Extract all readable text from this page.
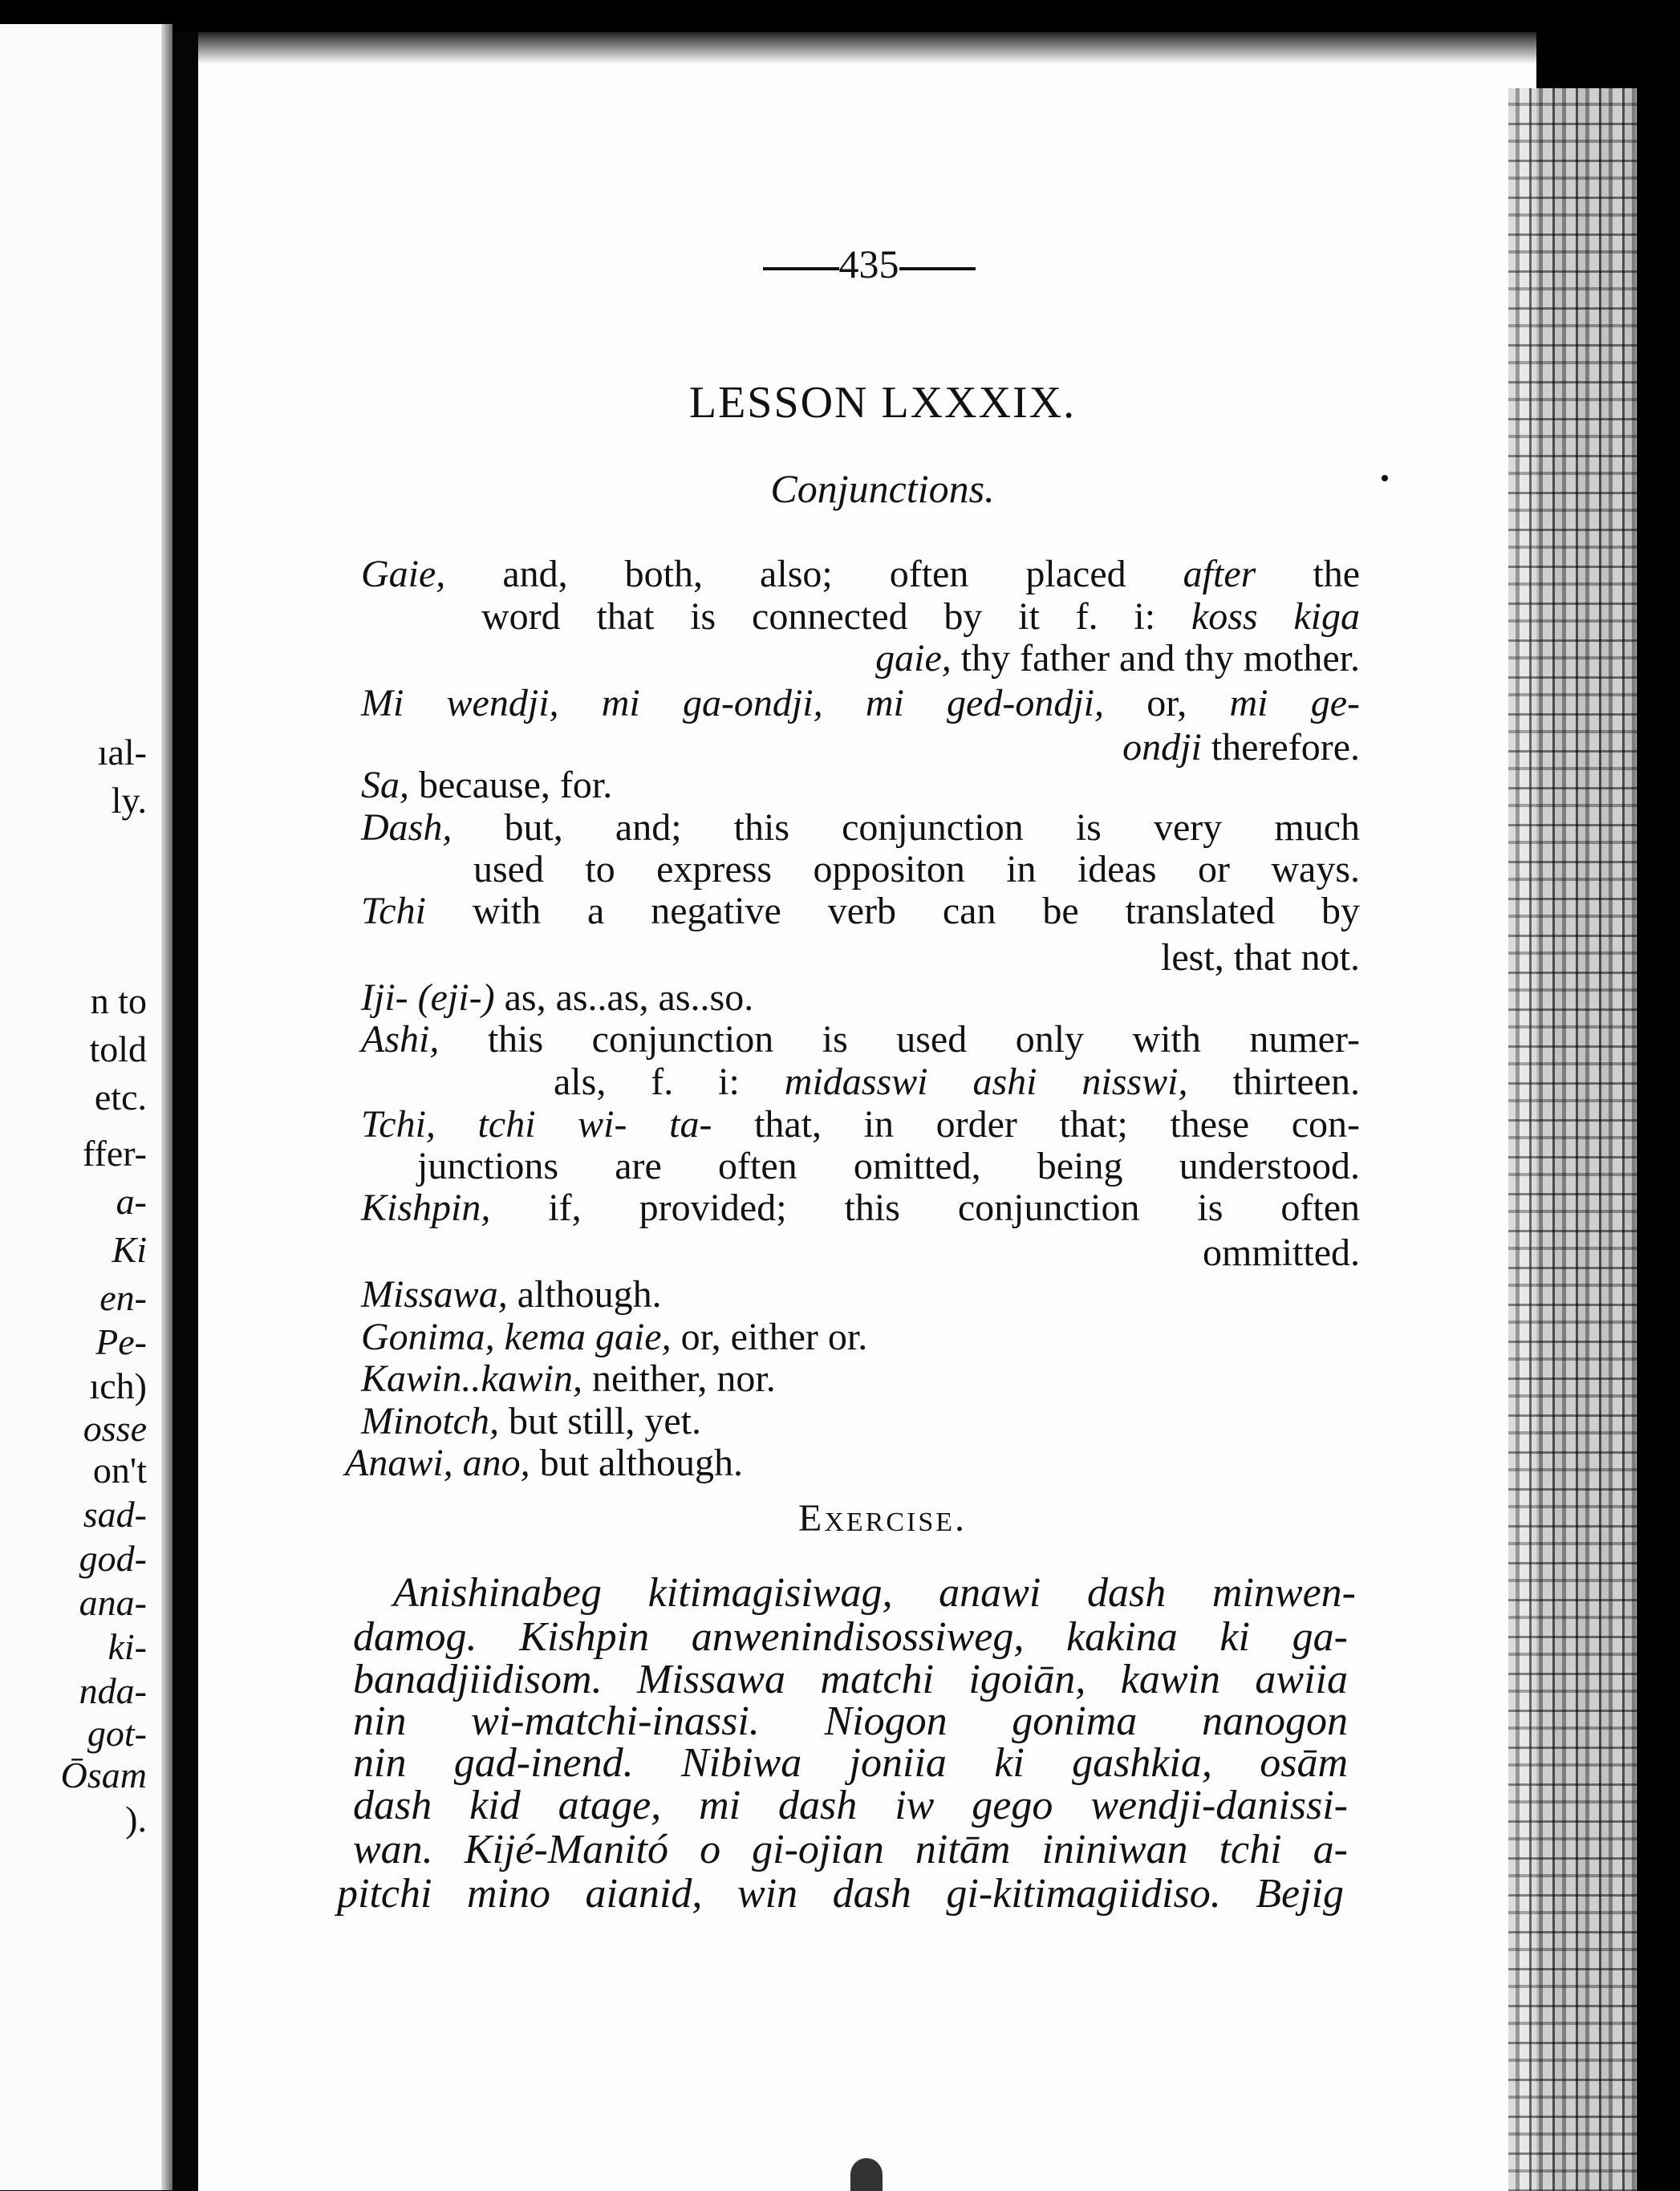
ıal-
ly.
n to
told
etc.
ffer-
a-
Ki
en-
Pe-
ıch)
osse
on't
sad-
god-
ana-
ki-
nda-
got-
Ōsam
).
435
LESSON LXXXIX.
Conjunctions.
Gaie, and, both, also; often placed after the
word that is connected by it f. i: koss kiga
gaie, thy father and thy mother.
Mi wendji, mi ga-ondji, mi ged-ondji, or, mi ge-
ondji therefore.
Sa, because, for.
Dash, but, and; this conjunction is very much
used to express oppositon in ideas or ways.
Tchi with a negative verb can be translated by
lest, that not.
Iji- (eji-) as, as..as, as..so.
Ashi, this conjunction is used only with numer-
als, f. i: midasswi ashi nisswi, thirteen.
Tchi, tchi wi- ta- that, in order that; these con-
junctions are often omitted, being understood.
Kishpin, if, provided; this conjunction is often
ommitted.
Missawa, although.
Gonima, kema gaie, or, either or.
Kawin..kawin, neither, nor.
Minotch, but still, yet.
Anawi, ano, but although.
Exercise.
Anishinabeg kitimagisiwag, anawi dash minwen-
damog. Kishpin anwenindisossiweg, kakina ki ga-
banadjiidisom. Missawa matchi igoiān, kawin awiia
nin wi-matchi-inassi. Niogon gonima nanogon
nin gad-inend. Nibiwa joniia ki gashkia, osām
dash kid atage, mi dash iw gego wendji-danissi-
wan. Kijé-Manitó o gi-ojian nitām ininiwan tchi a-
pitchi mino aianid, win dash gi-kitimagiidiso. Bejig
